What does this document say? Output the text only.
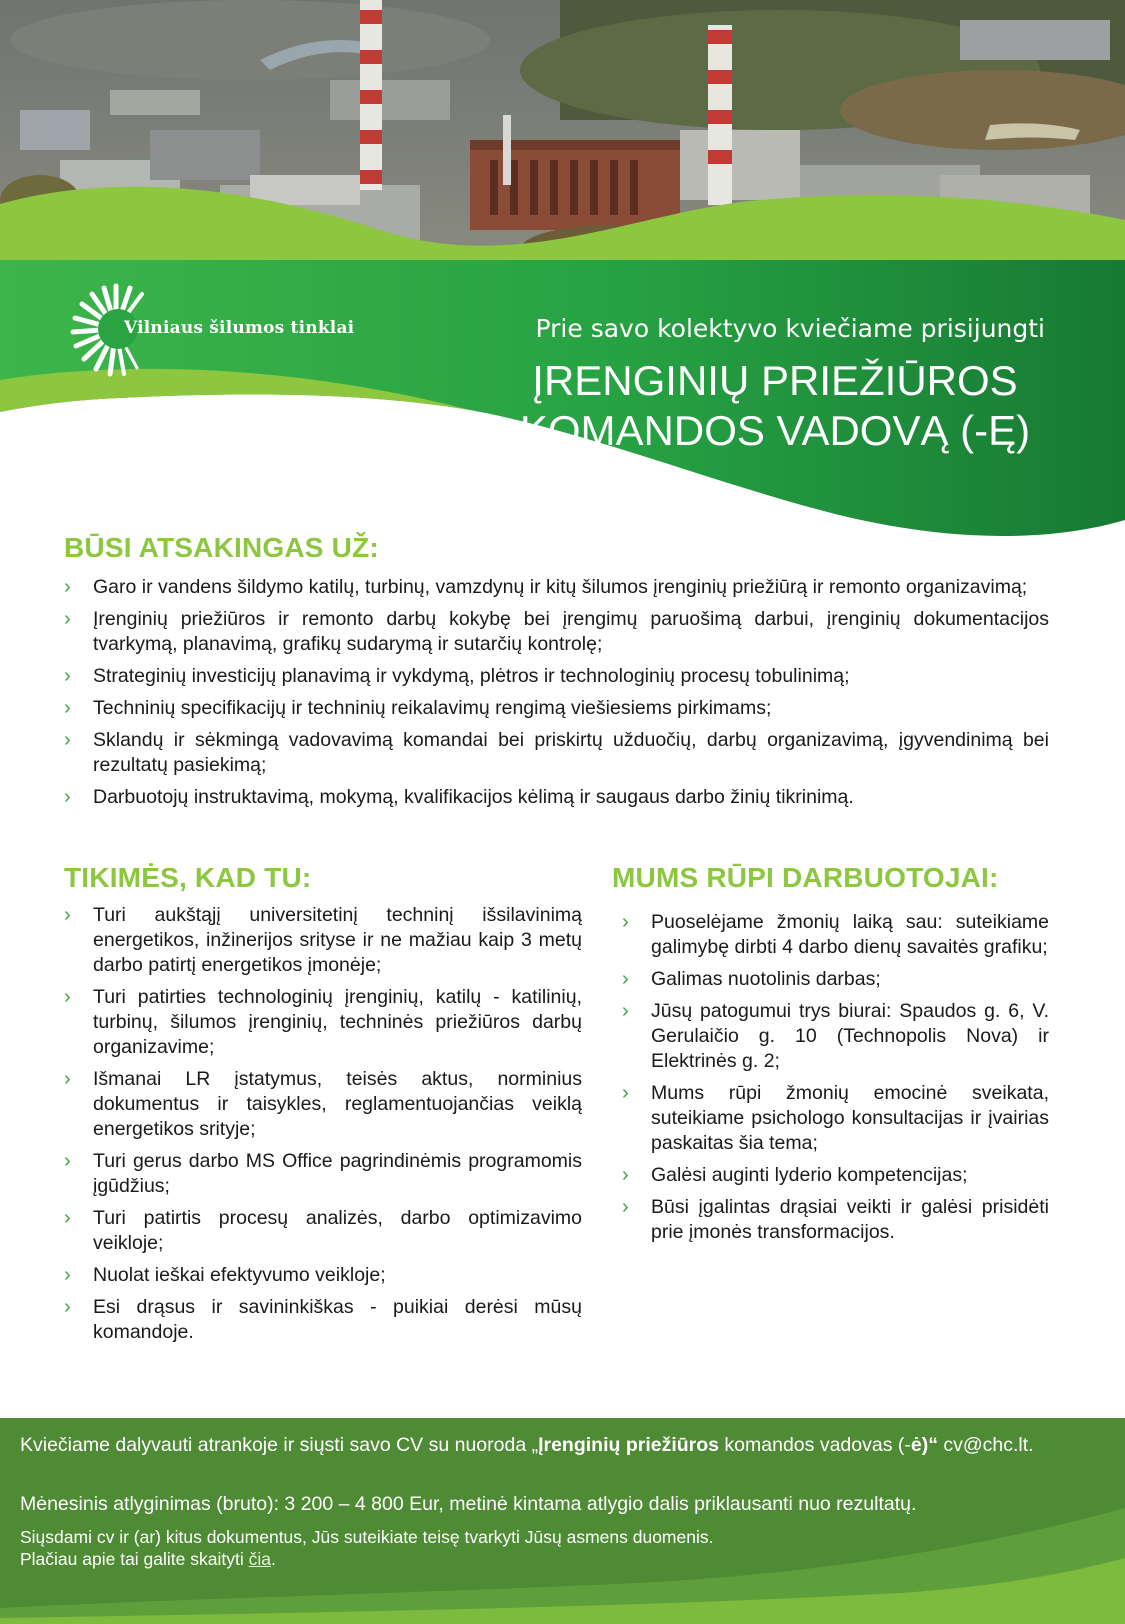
Vilniaus šilumos tinklai	Prie savo kolektyvo kviečiame prisijungti
ĮRENGINIŲ PRIEŽIŪROS
KOMANDOS VADOVĄ (-Ę)
BŪSI ATSAKINGAS UŽ:
› Garo ir vandens šildymo katilų, turbinų, vamzdynų ir kitų šilumos įrenginių priežiūrą ir remonto organizavimą;
› Įrenginių priežiūros ir remonto darbų kokybę bei įrengimų paruošimą darbui, įrenginių dokumentacijos tvarkymą, planavimą, grafikų sudarymą ir sutarčių kontrolę;
› Strateginių investicijų planavimą ir vykdymą, plėtros ir technologinių procesų tobulinimą;
› Techninių specifikacijų ir techninių reikalavimų rengimą viešiesiems pirkimams;
› Sklandų ir sėkmingą vadovavimą komandai bei priskirtų užduočių, darbų organizavimą, įgyvendinimą bei rezultatų pasiekimą;
› Darbuotojų instruktavimą, mokymą, kvalifikacijos kėlimą ir saugaus darbo žinių tikrinimą.
TIKIMĖS, KAD TU:
› Turi aukštąjį universitetinį techninį išsilavinimą energetikos, inžinerijos srityse ir ne mažiau kaip 3 metų darbo patirtį energetikos įmonėje;
› Turi patirties technologinių įrenginių, katilų - katilinių, turbinų, šilumos įrenginių, techninės priežiūros darbų organizavime;
› Išmanai LR įstatymus, teisės aktus, norminius dokumentus ir taisykles, reglamentuojančias veiklą energetikos srityje;
› Turi gerus darbo MS Office pagrindinėmis programomis įgūdžius;
› Turi patirtis procesų analizės, darbo optimizavimo veikloje;
› Nuolat ieškai efektyvumo veikloje;
› Esi drąsus ir savininkiškas - puikiai derėsi mūsų komandoje.
MUMS RŪPI DARBUOTOJAI:
› Puoselėjame žmonių laiką sau: suteikiame galimybę dirbti 4 darbo dienų savaitės grafiku;
› Galimas nuotolinis darbas;
› Jūsų patogumui trys biurai: Spaudos g. 6, V. Gerulaičio g. 10 (Technopolis Nova) ir Elektrinės g. 2;
› Mums rūpi žmonių emocinė sveikata, suteikiame psichologo konsultacijas ir įvairias paskaitas šia tema;
› Galėsi auginti lyderio kompetencijas;
› Būsi įgalintas drąsiai veikti ir galėsi prisidėti prie įmonės transformacijos.
Kviečiame dalyvauti atrankoje ir siųsti savo CV su nuoroda „Įrenginių priežiūros komandos vadovas (-ė)“ cv@chc.lt.
Mėnesinis atlyginimas (bruto): 3 200 – 4 800 Eur, metinė kintama atlygio dalis priklausanti nuo rezultatų.
Siųsdami cv ir (ar) kitus dokumentus, Jūs suteikiate teisę tvarkyti Jūsų asmens duomenis.
Plačiau apie tai galite skaityti čia.
